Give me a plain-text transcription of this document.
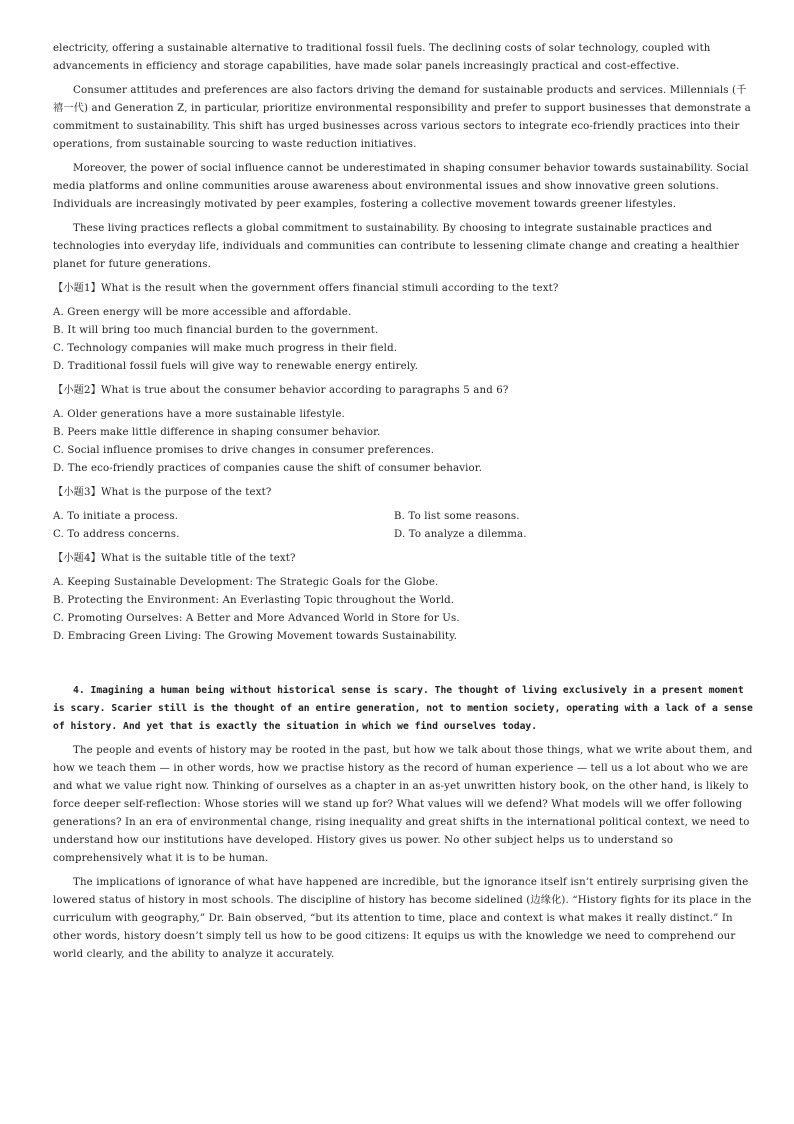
electricity, offering a sustainable alternative to traditional fossil fuels. The declining costs of solar technology, coupled with advancements in efficiency and storage capabilities, have made solar panels increasingly practical and cost-effective.

Consumer attitudes and preferences are also factors driving the demand for sustainable products and services. Millennials (千禧一代) and Generation Z, in particular, prioritize environmental responsibility and prefer to support businesses that demonstrate a commitment to sustainability. This shift has urged businesses across various sectors to integrate eco-friendly practices into their operations, from sustainable sourcing to waste reduction initiatives.

Moreover, the power of social influence cannot be underestimated in shaping consumer behavior towards sustainability. Social media platforms and online communities arouse awareness about environmental issues and show innovative green solutions. Individuals are increasingly motivated by peer examples, fostering a collective movement towards greener lifestyles.

These living practices reflects a global commitment to sustainability. By choosing to integrate sustainable practices and technologies into everyday life, individuals and communities can contribute to lessening climate change and creating a healthier planet for future generations.

【小题1】What is the result when the government offers financial stimuli according to the text?

A. Green energy will be more accessible and affordable.

B. It will bring too much financial burden to the government.

C. Technology companies will make much progress in their field.

D. Traditional fossil fuels will give way to renewable energy entirely.

【小题2】What is true about the consumer behavior according to paragraphs 5 and 6?

A. Older generations have a more sustainable lifestyle.

B. Peers make little difference in shaping consumer behavior.

C. Social influence promises to drive changes in consumer preferences.

D. The eco-friendly practices of companies cause the shift of consumer behavior.

【小题3】What is the purpose of the text?

A. To initiate a process.	B. To list some reasons.

C. To address concerns.	D. To analyze a dilemma.

【小题4】What is the suitable title of the text?

A. Keeping Sustainable Development: The Strategic Goals for the Globe.

B. Protecting the Environment: An Everlasting Topic throughout the World.

C. Promoting Ourselves: A Better and More Advanced World in Store for Us.

D. Embracing Green Living: The Growing Movement towards Sustainability.

4. Imagining a human being without historical sense is scary. The thought of living exclusively in a present moment is scary. Scarier still is the thought of an entire generation, not to mention society, operating with a lack of a sense of history. And yet that is exactly the situation in which we find ourselves today.

The people and events of history may be rooted in the past, but how we talk about those things, what we write about them, and how we teach them — in other words, how we practise history as the record of human experience — tell us a lot about who we are and what we value right now. Thinking of ourselves as a chapter in an as-yet unwritten history book, on the other hand, is likely to force deeper self-reflection: Whose stories will we stand up for? What values will we defend? What models will we offer following generations? In an era of environmental change, rising inequality and great shifts in the international political context, we need to understand how our institutions have developed. History gives us power. No other subject helps us to understand so comprehensively what it is to be human.

The implications of ignorance of what have happened are incredible, but the ignorance itself isn’t entirely surprising given the lowered status of history in most schools. The discipline of history has become sidelined (边缘化). “History fights for its place in the curriculum with geography,” Dr. Bain observed, “but its attention to time, place and context is what makes it really distinct.” In other words, history doesn’t simply tell us how to be good citizens: It equips us with the knowledge we need to comprehend our world clearly, and the ability to analyze it accurately.
